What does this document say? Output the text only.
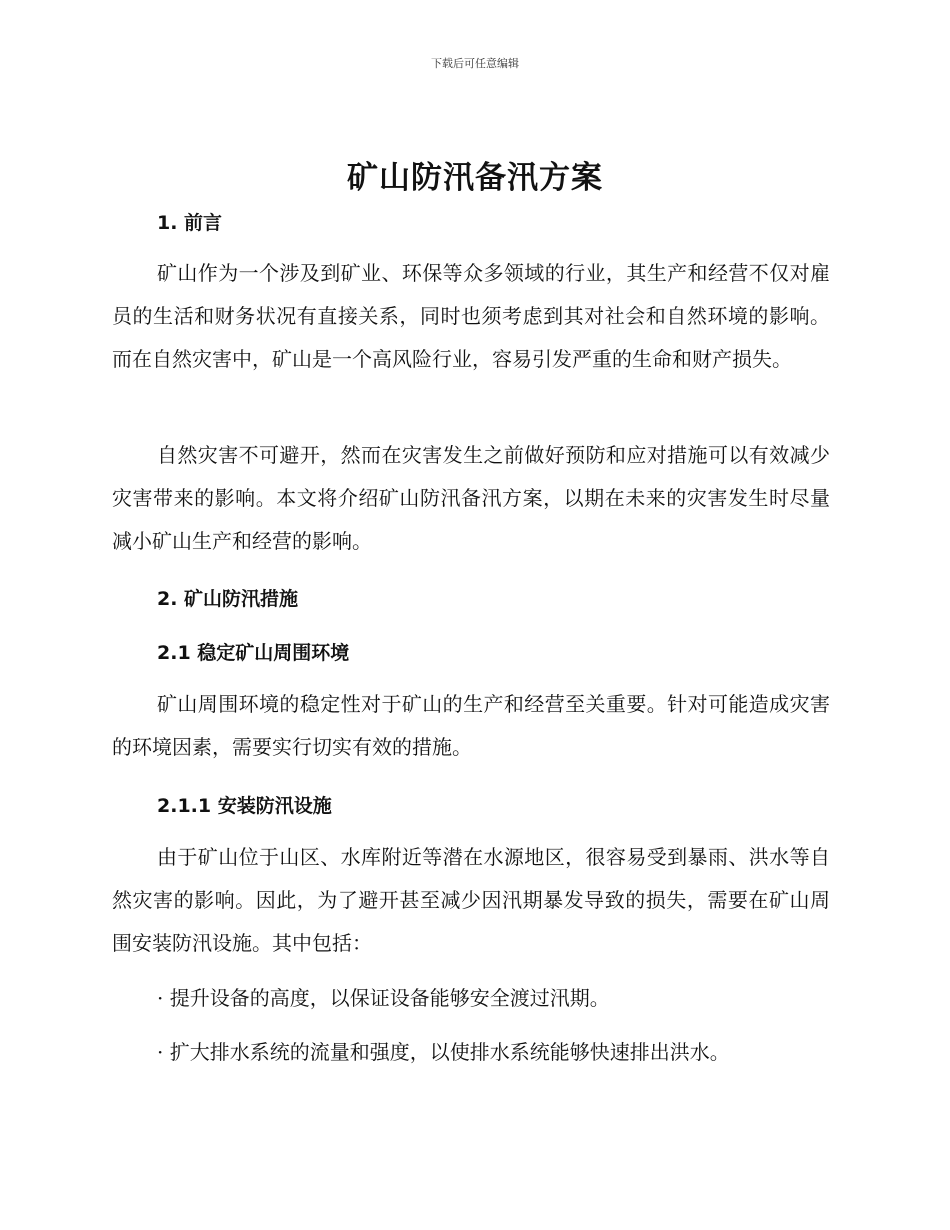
下载后可任意编辑
矿山防汛备汛方案
1. 前言

矿山作为一个涉及到矿业、环保等众多领域的行业，其生产和经营不仅对雇员的生活和财务状况有直接关系，同时也须考虑到其对社会和自然环境的影响。而在自然灾害中，矿山是一个高风险行业，容易引发严重的生命和财产损失。

自然灾害不可避开，然而在灾害发生之前做好预防和应对措施可以有效减少灾害带来的影响。本文将介绍矿山防汛备汛方案，以期在未来的灾害发生时尽量减小矿山生产和经营的影响。

2. 矿山防汛措施
2.1 稳定矿山周围环境

矿山周围环境的稳定性对于矿山的生产和经营至关重要。针对可能造成灾害的环境因素，需要实行切实有效的措施。

2.1.1 安装防汛设施

由于矿山位于山区、水库附近等潜在水源地区，很容易受到暴雨、洪水等自然灾害的影响。因此，为了避开甚至减少因汛期暴发导致的损失，需要在矿山周围安装防汛设施。其中包括：

· 提升设备的高度，以保证设备能够安全渡过汛期。

· 扩大排水系统的流量和强度，以使排水系统能够快速排出洪水。
